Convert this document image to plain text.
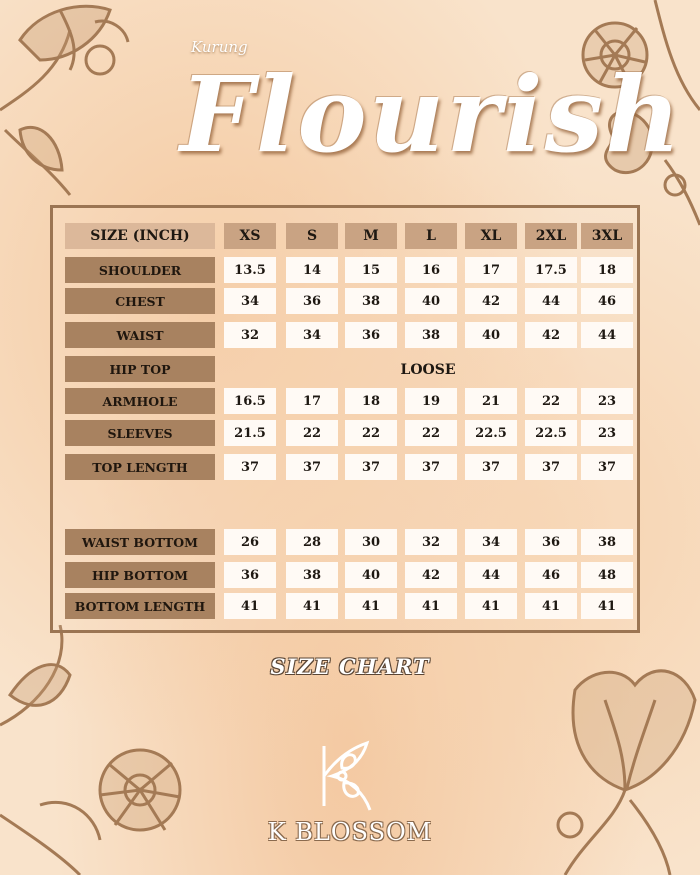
Kurung
Flourish
SIZE (INCH)	XS	S	M	L	XL	2XL	3XL
SHOULDER	13.5	14	15	16	17	17.5	18
CHEST	34	36	38	40	42	44	46
WAIST	32	34	36	38	40	42	44
HIP TOP	LOOSE
ARMHOLE	16.5	17	18	19	21	22	23
SLEEVES	21.5	22	22	22	22.5	22.5	23
TOP LENGTH	37	37	37	37	37	37	37
WAIST BOTTOM	26	28	30	32	34	36	38
HIP BOTTOM	36	38	40	42	44	46	48
BOTTOM LENGTH	41	41	41	41	41	41	41
SIZE CHART
K BLOSSOM
